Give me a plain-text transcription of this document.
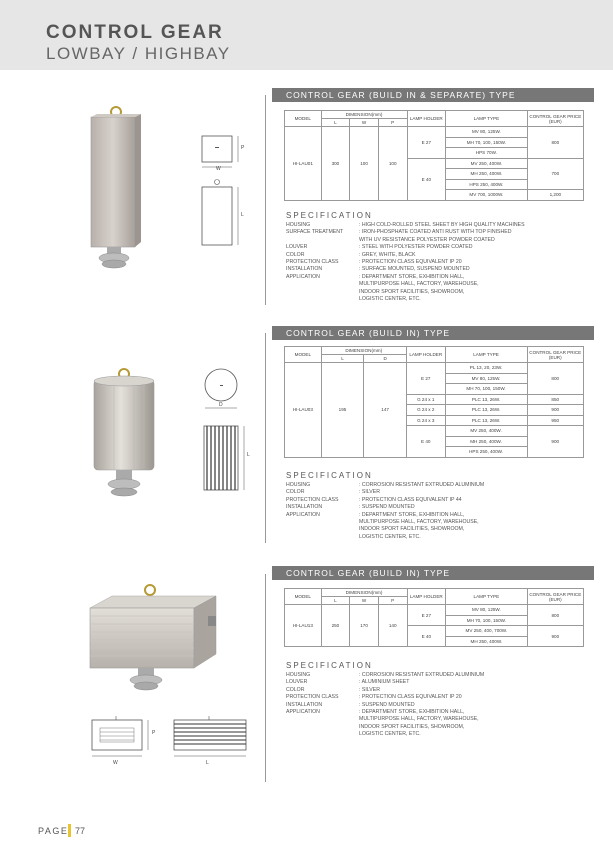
CONTROL GEAR
LOWBAY / HIGHBAY
CONTROL GEAR (BUILD IN & SEPARATE) TYPE
P
W
L
MODEL	DIMENSION(mm)			LAMP HOLDER	LAMP TYPE	CONTROL GEAR PRICE (EUR)
	L	W	P			
HI-LAU01	300	100	100	E 27	MV 80, 125W.	800
					MH 70, 100, 150W.	
					HPS 70W.	
				E 40	MV 250, 400W.	700
					MH 250, 400W.	
					HPS 250, 400W.	
					MV 700, 1000W.	1,200
SPECIFICATION
HOUSING	: HIGH COLD-ROLLED STEEL SHEET BY HIGH QUALITY MACHINES
SURFACE TREATMENT	: IRON-PHOSPHATE COATED ANTI RUST WITH TOP FINISHED
WITH UV RESISTANCE POLYESTER POWDER COATED
LOUVER	: STEEL WITH POLYESTER POWDER COATED
COLOR	: GREY, WHITE, BLACK
PROTECTION CLASS	: PROTECTION CLASS EQUIVALENT IP 20
INSTALLATION	: SURFACE MOUNTED, SUSPEND MOUNTED
APPLICATION	: DEPARTMENT STORE, EXHIBITION HALL,
MULTIPURPOSE HALL, FACTORY, WAREHOUSE,
INDOOR SPORT FACILITIES, SHOWROOM,
LOGISTIC CENTER, ETC.
CONTROL GEAR (BUILD IN) TYPE
D
L
MODEL	DIMENSION(mm)		LAMP HOLDER	LAMP TYPE	CONTROL GEAR PRICE (EUR)
	L	D			
HI-LAU03	195	147	E 27	PL 13, 20, 23W.	800
				MV 80, 125W.	
				MH 70, 100, 150W.	
			G 24 x 1	PLC 13, 26W.	850
			G 24 x 2	PLC 13, 26W.	900
			G 24 x 3	PLC 13, 26W.	950
			E 40	MV 250, 400W.	900
				MH 250, 400W.	
				HPS 250, 400W.	
SPECIFICATION
HOUSING	: CORROSION RESISTANT EXTRUDED ALUMINIUM
COLOR	: SILVER
PROTECTION CLASS	: PROTECTION CLASS EQUIVALENT IP 44
INSTALLATION	: SUSPEND MOUNTED
APPLICATION	: DEPARTMENT STORE, EXHIBITION HALL,
MULTIPURPOSE HALL, FACTORY, WAREHOUSE,
INDOOR SPORT FACILITIES, SHOWROOM,
LOGISTIC CENTER, ETC.
CONTROL GEAR (BUILD IN) TYPE
P
W	L
MODEL	DIMENSION(mm)			LAMP HOLDER	LAMP TYPE	CONTROL GEAR PRICE (EUR)
	L	W	P			
HI-LAU13	250	170	140	E 27	MV 80, 125W.	800
					MH 70, 100, 150W.	
				E 40	MV 250, 400, 700W.	900
					MH 250, 400W.	
SPECIFICATION
HOUSING	: CORROSION RESISTANT EXTRUDED ALUMINIUM
LOUVER	: ALUMINIUM SHEET
COLOR	: SILVER
PROTECTION CLASS	: PROTECTION CLASS EQUIVALENT IP 20
INSTALLATION	: SUSPEND MOUNTED
APPLICATION	: DEPARTMENT STORE, EXHIBITION HALL,
MULTIPURPOSE HALL, FACTORY, WAREHOUSE,
INDOOR SPORT FACILITIES, SHOWROOM,
LOGISTIC CENTER, ETC.
PAGE 77
